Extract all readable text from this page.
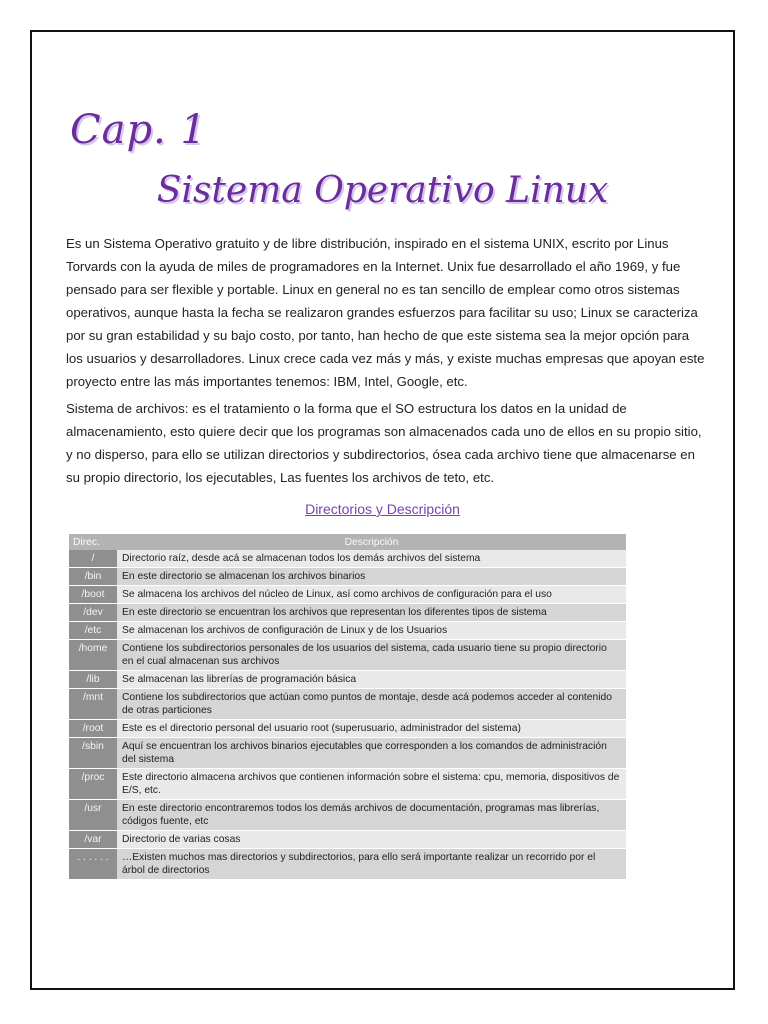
Cap. 1
Sistema Operativo Linux

Es un Sistema Operativo gratuito y de libre distribución, inspirado en el sistema UNIX, escrito por Linus Torvards con la ayuda de miles de programadores en la Internet. Unix fue desarrollado el año 1969, y fue pensado para ser flexible y portable. Linux en general no es tan sencillo de emplear como otros sistemas operativos, aunque hasta la fecha se realizaron grandes esfuerzos para facilitar su uso; Linux se caracteriza por su gran estabilidad y su bajo costo, por tanto, han hecho de que este sistema sea la mejor opción para los usuarios y desarrolladores. Linux crece cada vez más y más, y existe muchas empresas que apoyan este proyecto entre las más importantes tenemos: IBM, Intel, Google, etc.

Sistema de archivos: es el tratamiento o la forma que el SO estructura los datos en la unidad de almacenamiento, esto quiere decir que los programas son almacenados cada uno de ellos en su propio sitio, y no disperso, para ello se utilizan directorios y subdirectorios, ósea cada archivo tiene que almacenarse en su propio directorio, los ejecutables, Las fuentes los archivos de teto, etc.

Directorios y Descripción
Direc.	Descripción
/	Directorio raíz, desde acá se almacenan todos los demás archivos del sistema
/bin	En este directorio se almacenan los archivos binarios
/boot	Se almacena los archivos del núcleo de Linux, así como archivos de configuración para el uso
/dev	En este directorio se encuentran los archivos que representan los diferentes tipos de sistema
/etc	Se almacenan los archivos de configuración de Linux y de los Usuarios
/home	Contiene los subdirectorios personales de los usuarios del sistema, cada usuario tiene su propio directorio en el cual almacenan sus archivos
/lib	Se almacenan las librerías de programación básica
/mnt	Contiene los subdirectorios que actúan como puntos de montaje, desde acá podemos acceder al contenido de otras particiones
/root	Este es el directorio personal del usuario root (superusuario, administrador del sistema)
/sbin	Aquí se encuentran los archivos binarios ejecutables que corresponden a los comandos de administración del sistema
/proc	Este directorio almacena archivos que contienen información sobre el sistema: cpu, memoria, dispositivos de E/S, etc.
/usr	En este directorio encontraremos todos los demás archivos de documentación, programas mas librerías, códigos fuente, etc
/var	Directorio de varias cosas
. . . . . .	…Existen muchos mas directorios y subdirectorios, para ello será importante realizar un recorrido por el árbol de directorios
